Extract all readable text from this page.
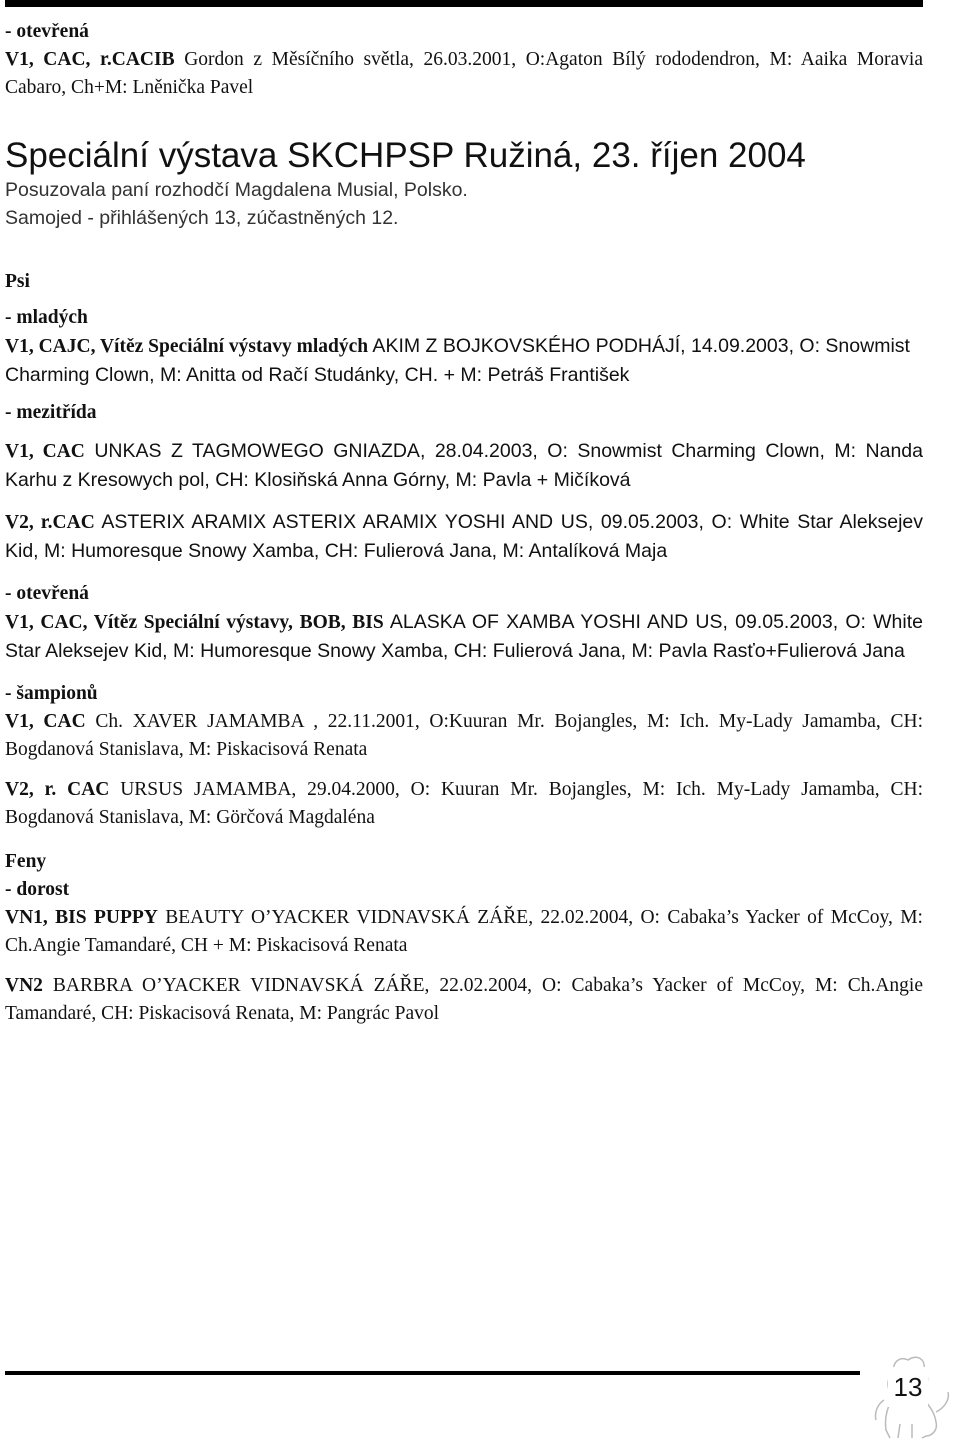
- otevřená

V1, CAC, r.CACIB Gordon z Měsíčního světla, 26.03.2001, O:Agaton Bílý rododendron, M: Aaika Moravia Cabaro, Ch+M: Lněnička Pavel

Speciální výstava SKCHPSP Ružiná, 23. říjen 2004

Posuzovala paní rozhodčí Magdalena Musial, Polsko.

Samojed - přihlášených 13, zúčastněných 12.

Psi

- mladých

V1, CAJC, Vítěz Speciální výstavy mladých AKIM Z BOJKOVSKÉHO PODHÁJÍ, 14.09.2003, O: Snowmist Charming Clown, M: Anitta od Račí Studánky, CH. + M: Petráš František

- mezitřída

V1, CAC UNKAS Z TAGMOWEGO GNIAZDA, 28.04.2003, O: Snowmist Charming Clown, M: Nanda Karhu z Kresowych pol, CH: Klosiňská Anna Górny, M: Pavla + Mičíková

V2, r.CAC ASTERIX ARAMIX ASTERIX ARAMIX YOSHI AND US, 09.05.2003, O: White Star Aleksejev Kid, M: Humoresque Snowy Xamba, CH: Fulierová Jana, M: Antalíková Maja

- otevřená

V1, CAC, Vítěz Speciální výstavy, BOB, BIS ALASKA OF XAMBA YOSHI AND US, 09.05.2003, O: White Star Aleksejev Kid, M: Humoresque Snowy Xamba, CH: Fulierová Jana, M: Pavla Rasťo+Fulierová Jana

- šampionů

V1, CAC Ch. XAVER JAMAMBA , 22.11.2001, O:Kuuran Mr. Bojangles, M: Ich. My-Lady Jamamba, CH: Bogdanová Stanislava, M: Piskacisová Renata

V2, r. CAC URSUS JAMAMBA, 29.04.2000, O: Kuuran Mr. Bojangles, M: Ich. My-Lady Jamamba, CH: Bogdanová Stanislava, M: Görčová Magdaléna

Feny

- dorost

VN1, BIS PUPPY BEAUTY O’YACKER VIDNAVSKÁ ZÁŘE, 22.02.2004, O: Cabaka’s Yacker of McCoy, M: Ch.Angie Tamandaré, CH + M: Piskacisová Renata

VN2 BARBRA O’YACKER VIDNAVSKÁ ZÁŘE, 22.02.2004, O: Cabaka’s Yacker of McCoy, M: Ch.Angie Tamandaré, CH: Piskacisová Renata, M: Pangrác Pavol

13
